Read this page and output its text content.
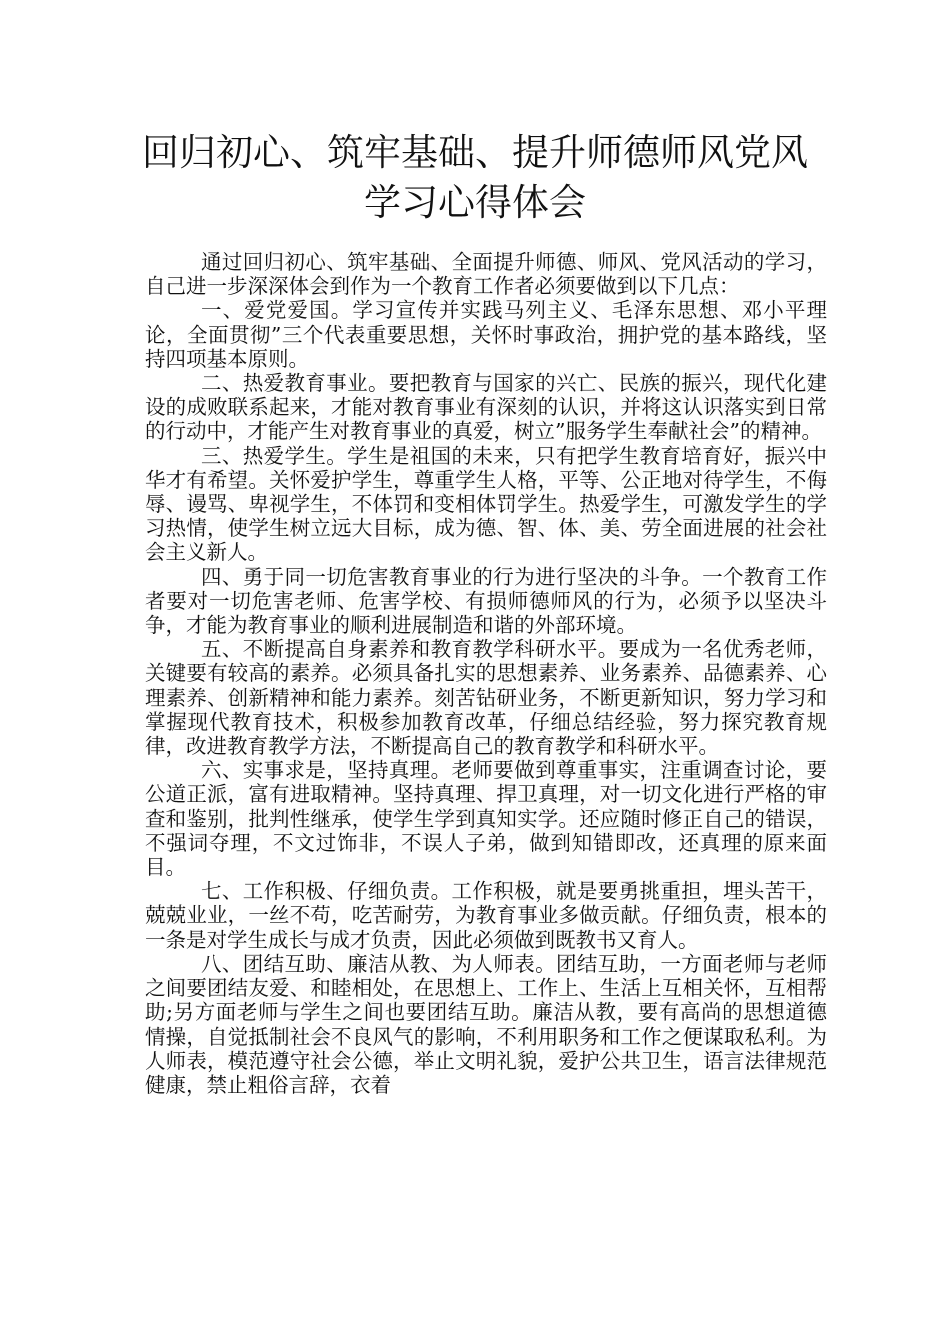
回归初心、筑牢基础、提升师德师风党风
学习心得体会

通过回归初心、筑牢基础、全面提升师德、师风、党风活动的学习，自己进一步深深体会到作为一个教育工作者必须要做到以下几点：

一、爱党爱国。学习宣传并实践马列主义、毛泽东思想、邓小平理论，全面贯彻”三个代表重要思想，关怀时事政治，拥护党的基本路线，坚持四项基本原则。

二、热爱教育事业。要把教育与国家的兴亡、民族的振兴，现代化建设的成败联系起来，才能对教育事业有深刻的认识，并将这认识落实到日常的行动中，才能产生对教育事业的真爱，树立”服务学生奉献社会”的精神。

三、热爱学生。学生是祖国的未来，只有把学生教育培育好，振兴中华才有希望。关怀爱护学生，尊重学生人格，平等、公正地对待学生，不侮辱、谩骂、卑视学生，不体罚和变相体罚学生。热爱学生，可激发学生的学习热情，使学生树立远大目标，成为德、智、体、美、劳全面进展的社会社会主义新人。

四、勇于同一切危害教育事业的行为进行坚决的斗争。一个教育工作者要对一切危害老师、危害学校、有损师德师风的行为，必须予以坚决斗争，才能为教育事业的顺利进展制造和谐的外部环境。

五、不断提高自身素养和教育教学科研水平。要成为一名优秀老师，关键要有较高的素养。必须具备扎实的思想素养、业务素养、品德素养、心理素养、创新精神和能力素养。刻苦钻研业务，不断更新知识，努力学习和掌握现代教育技术，积极参加教育改革，仔细总结经验，努力探究教育规律，改进教育教学方法，不断提高自己的教育教学和科研水平。

六、实事求是，坚持真理。老师要做到尊重事实，注重调查讨论，要公道正派，富有进取精神。坚持真理、捍卫真理，对一切文化进行严格的审查和鉴别，批判性继承，使学生学到真知实学。还应随时修正自己的错误，不强词夺理，不文过饰非，不误人子弟，做到知错即改，还真理的原来面目。

七、工作积极、仔细负责。工作积极，就是要勇挑重担，埋头苦干，兢兢业业，一丝不苟，吃苦耐劳，为教育事业多做贡献。仔细负责，根本的一条是对学生成长与成才负责，因此必须做到既教书又育人。

八、团结互助、廉洁从教、为人师表。团结互助，一方面老师与老师之间要团结友爱、和睦相处，在思想上、工作上、生活上互相关怀，互相帮助;另方面老师与学生之间也要团结互助。廉洁从教，要有高尚的思想道德情操，自觉抵制社会不良风气的影响，不利用职务和工作之便谋取私利。为人师表，模范遵守社会公德，举止文明礼貌，爱护公共卫生，语言法律规范健康，禁止粗俗言辞，衣着
